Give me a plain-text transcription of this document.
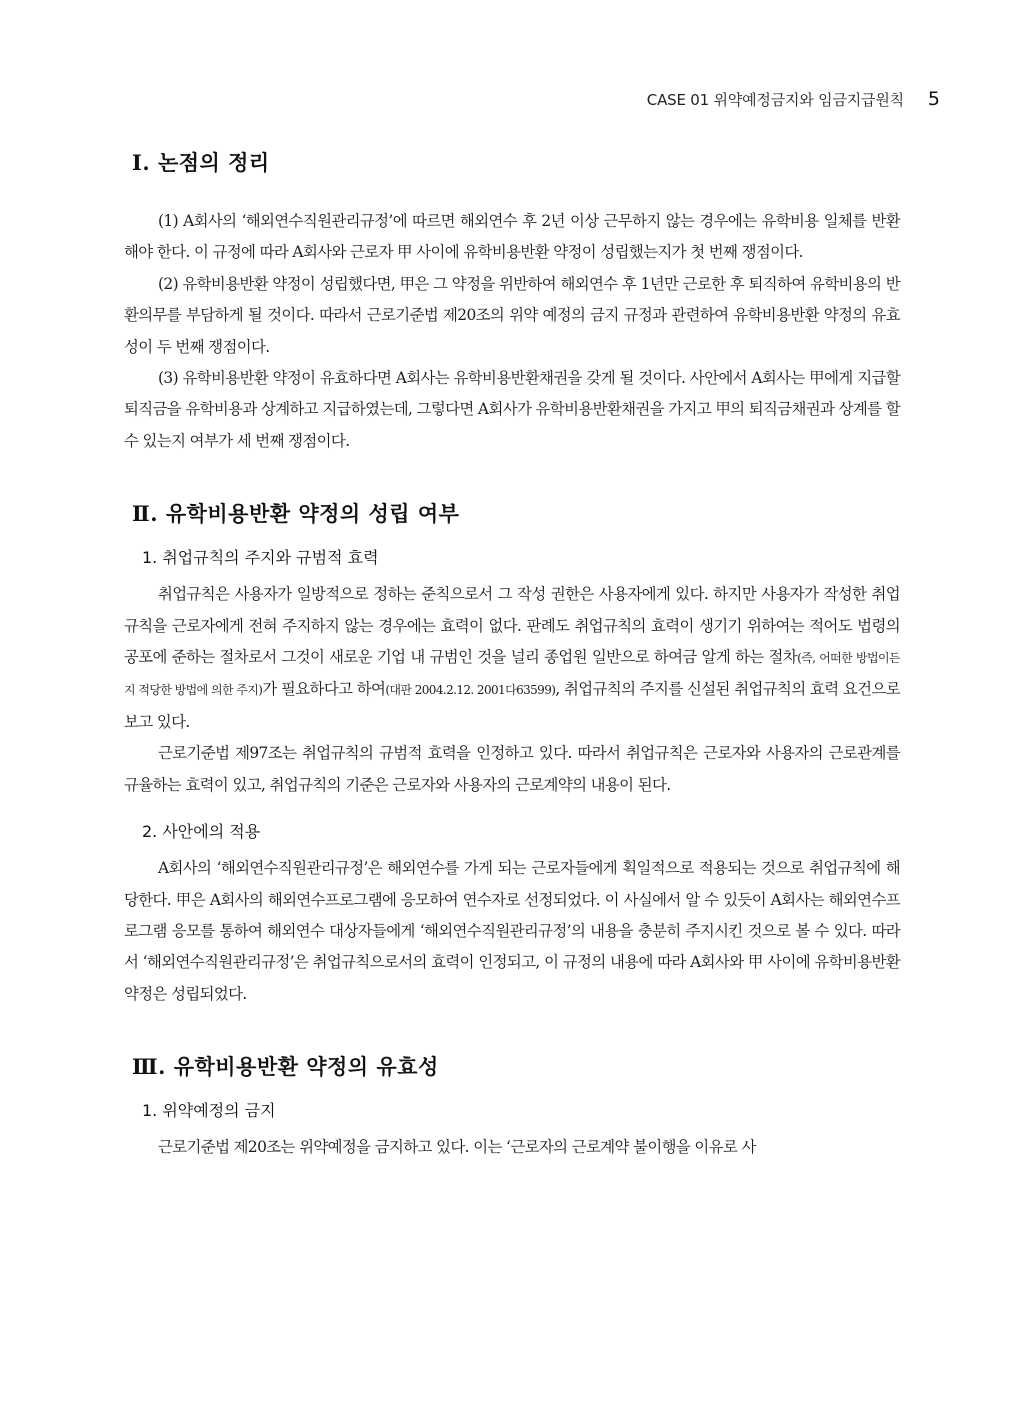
CASE 01 위약예정금지와 임금지급원칙 5
Ⅰ. 논점의 정리

(1) A회사의 ‘해외연수직원관리규정’에 따르면 해외연수 후 2년 이상 근무하지 않는 경우에는 유학비용 일체를 반환해야 한다. 이 규정에 따라 A회사와 근로자 甲 사이에 유학비용반환 약정이 성립했는지가 첫 번째 쟁점이다.

(2) 유학비용반환 약정이 성립했다면, 甲은 그 약정을 위반하여 해외연수 후 1년만 근로한 후 퇴직하여 유학비용의 반환의무를 부담하게 될 것이다. 따라서 근로기준법 제20조의 위약 예정의 금지 규정과 관련하여 유학비용반환 약정의 유효성이 두 번째 쟁점이다.

(3) 유학비용반환 약정이 유효하다면 A회사는 유학비용반환채권을 갖게 될 것이다. 사안에서 A회사는 甲에게 지급할 퇴직금을 유학비용과 상계하고 지급하였는데, 그렇다면 A회사가 유학비용반환채권을 가지고 甲의 퇴직금채권과 상계를 할 수 있는지 여부가 세 번째 쟁점이다.

Ⅱ. 유학비용반환 약정의 성립 여부
1. 취업규칙의 주지와 규범적 효력

취업규칙은 사용자가 일방적으로 정하는 준칙으로서 그 작성 권한은 사용자에게 있다. 하지만 사용자가 작성한 취업규칙을 근로자에게 전혀 주지하지 않는 경우에는 효력이 없다. 판례도 취업규칙의 효력이 생기기 위하여는 적어도 법령의 공포에 준하는 절차로서 그것이 새로운 기업 내 규범인 것을 널리 종업원 일반으로 하여금 알게 하는 절차(즉, 어떠한 방법이든지 적당한 방법에 의한 주지)가 필요하다고 하여(대판 2004.2.12. 2001다63599), 취업규칙의 주지를 신설된 취업규칙의 효력 요건으로 보고 있다.

근로기준법 제97조는 취업규칙의 규범적 효력을 인정하고 있다. 따라서 취업규칙은 근로자와 사용자의 근로관계를 규율하는 효력이 있고, 취업규칙의 기준은 근로자와 사용자의 근로계약의 내용이 된다.

2. 사안에의 적용

A회사의 ‘해외연수직원관리규정’은 해외연수를 가게 되는 근로자들에게 획일적으로 적용되는 것으로 취업규칙에 해당한다. 甲은 A회사의 해외연수프로그램에 응모하여 연수자로 선정되었다. 이 사실에서 알 수 있듯이 A회사는 해외연수프로그램 응모를 통하여 해외연수 대상자들에게 ‘해외연수직원관리규정’의 내용을 충분히 주지시킨 것으로 볼 수 있다. 따라서 ‘해외연수직원관리규정’은 취업규칙으로서의 효력이 인정되고, 이 규정의 내용에 따라 A회사와 甲 사이에 유학비용반환 약정은 성립되었다.

Ⅲ. 유학비용반환 약정의 유효성
1. 위약예정의 금지

근로기준법 제20조는 위약예정을 금지하고 있다. 이는 ‘근로자의 근로계약 불이행을 이유로 사
